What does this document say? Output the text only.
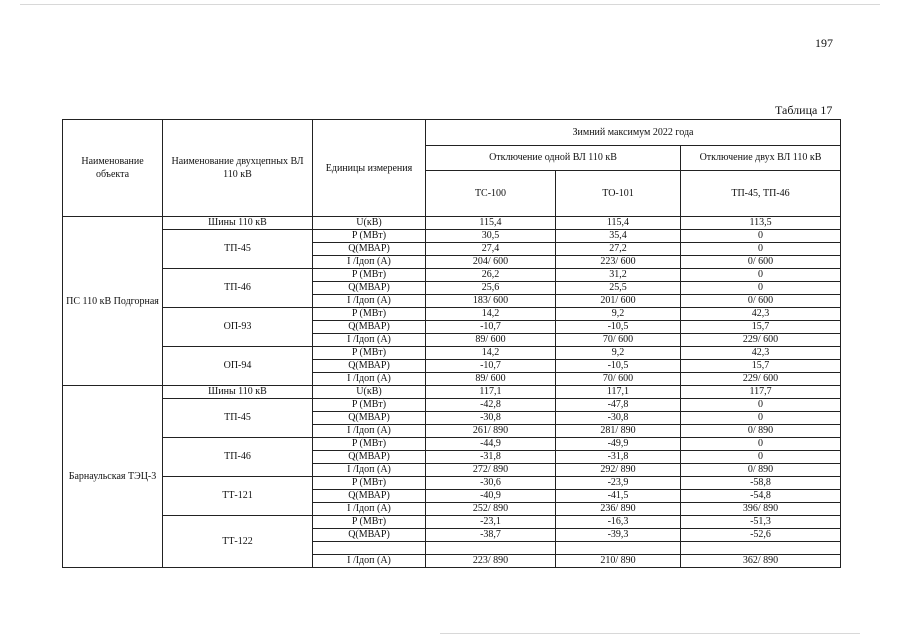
197
Таблица 17
Наименование объекта	Наименование двухцепных ВЛ 110 кВ	Единицы измерения	Зимний максимум 2022 года		
			Отключение одной ВЛ 110 кВ		Отключение двух ВЛ 110 кВ
			ТС-100	ТО-101	ТП-45, ТП-46
ПС 110 кВ Подгорная	Шины 110 кВ	U(кВ)	115,4	115,4	113,5
	ТП-45	P (МВт)	30,5	35,4	0
		Q(МВАР)	27,4	27,2	0
		I /Iдоп (А)	204/ 600	223/ 600	0/ 600
	ТП-46	P (МВт)	26,2	31,2	0
		Q(МВАР)	25,6	25,5	0
		I /Iдоп (А)	183/ 600	201/ 600	0/ 600
	ОП-93	P (МВт)	14,2	9,2	42,3
		Q(МВАР)	-10,7	-10,5	15,7
		I /Iдоп (А)	89/ 600	70/ 600	229/ 600
	ОП-94	P (МВт)	14,2	9,2	42,3
		Q(МВАР)	-10,7	-10,5	15,7
		I /Iдоп (А)	89/ 600	70/ 600	229/ 600
Барнаульская ТЭЦ-3	Шины 110 кВ	U(кВ)	117,1	117,1	117,7
	ТП-45	P (МВт)	-42,8	-47,8	0
		Q(МВАР)	-30,8	-30,8	0
		I /Iдоп (А)	261/ 890	281/ 890	0/ 890
	ТП-46	P (МВт)	-44,9	-49,9	0
		Q(МВАР)	-31,8	-31,8	0
		I /Iдоп (А)	272/ 890	292/ 890	0/ 890
	ТТ-121	P (МВт)	-30,6	-23,9	-58,8
		Q(МВАР)	-40,9	-41,5	-54,8
		I /Iдоп (А)	252/ 890	236/ 890	396/ 890
	ТТ-122	P (МВт)	-23,1	-16,3	-51,3
		Q(МВАР)	-38,7	-39,3	-52,6

		I /Iдоп (А)	223/ 890	210/ 890	362/ 890
